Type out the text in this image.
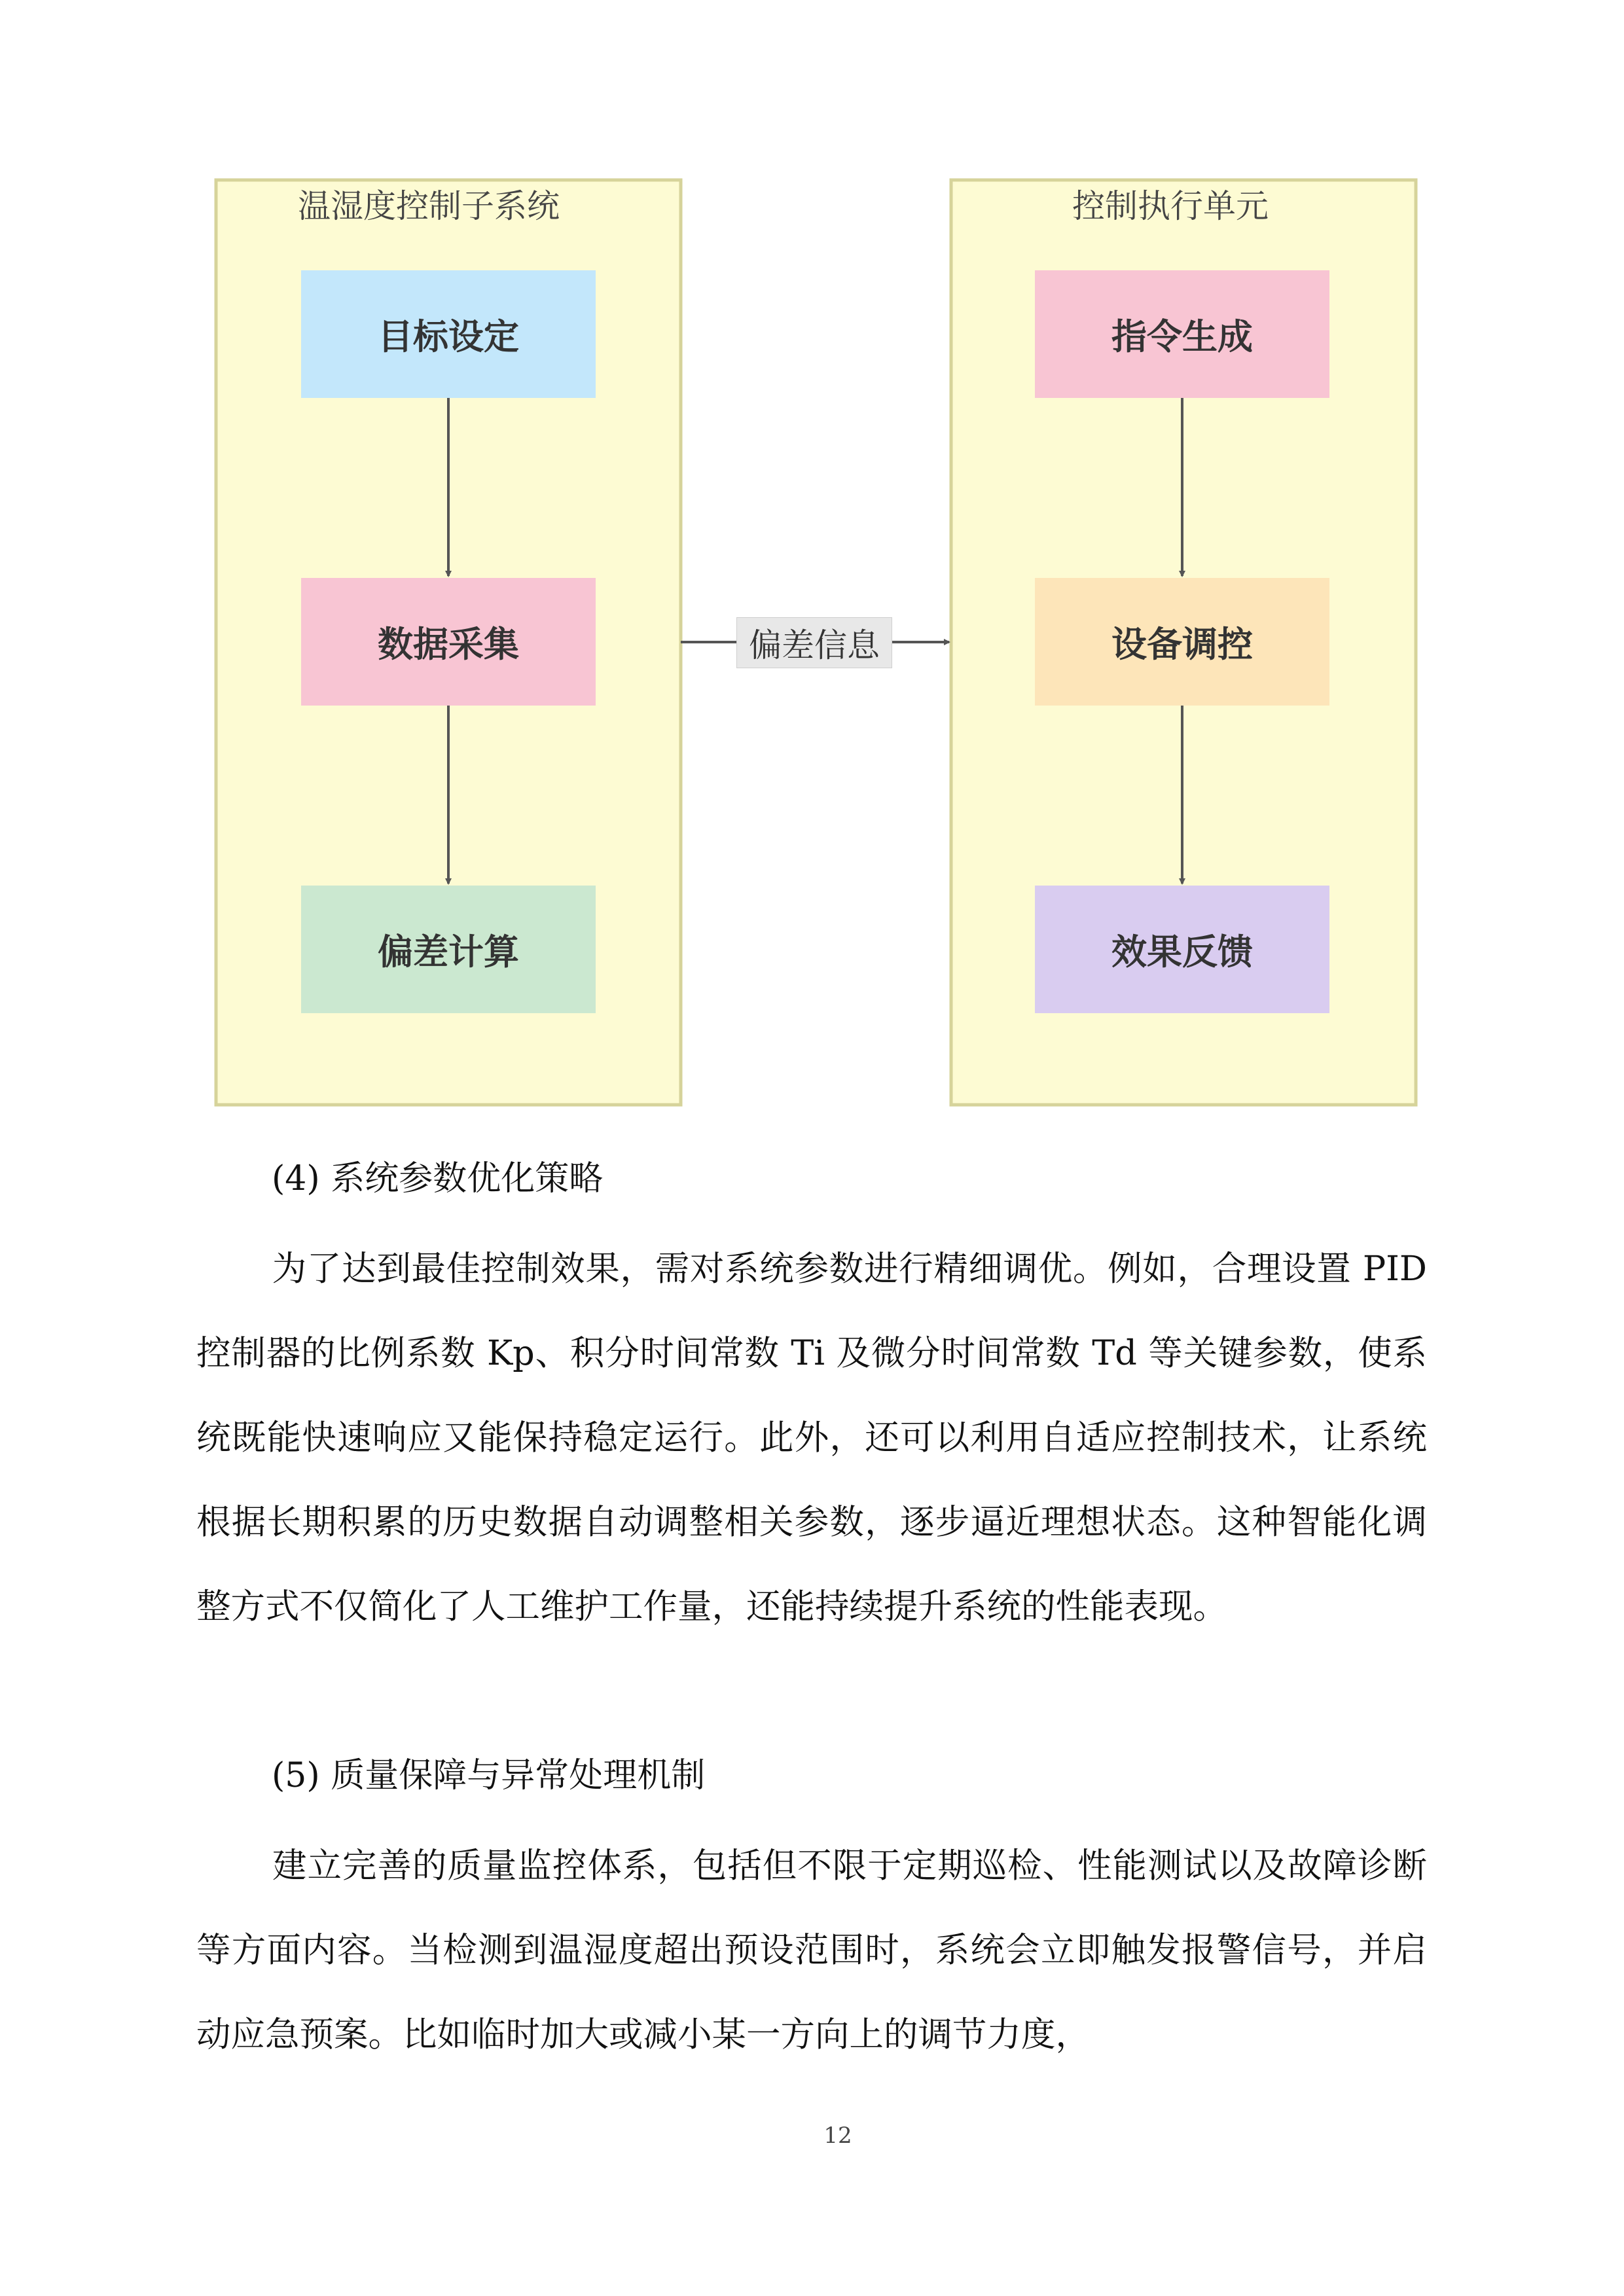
温湿度控制子系统	控制执行单元
目标设定
数据采集
偏差计算
指令生成
设备调控
效果反馈
偏差信息
(4) 系统参数优化策略
为了达到最佳控制效果，需对系统参数进行精细调优。例如，合理设置 PID 控制器的比例系数 Kp、积分时间常数 Ti 及微分时间常数 Td 等关键参数，使系统既能快速响应又能保持稳定运行。此外，还可以利用自适应控制技术，让系统根据长期积累的历史数据自动调整相关参数，逐步逼近理想状态。这种智能化调整方式不仅简化了人工维护工作量，还能持续提升系统的性能表现。
(5) 质量保障与异常处理机制
建立完善的质量监控体系，包括但不限于定期巡检、性能测试以及故障诊断等方面内容。当检测到温湿度超出预设范围时，系统会立即触发报警信号，并启动应急预案。比如临时加大或减小某一方向上的调节力度，
12
